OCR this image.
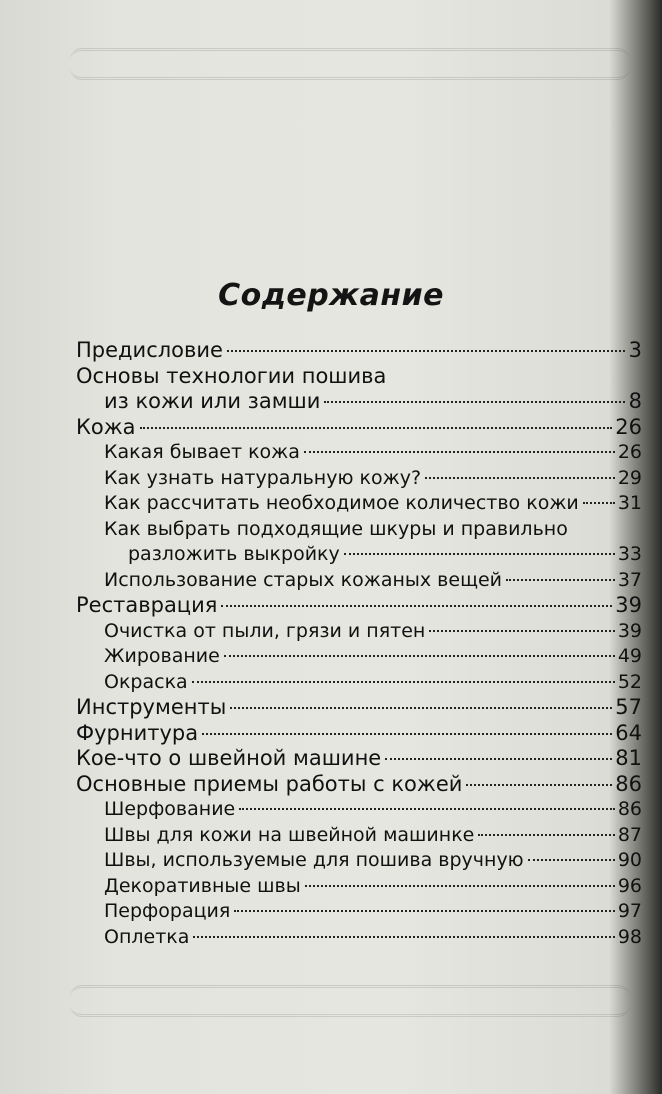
Содержание
Предисловие	3
Основы технологии пошива
из кожи или замши	8
Кожа	26
Какая бывает кожа	26
Как узнать натуральную кожу?	29
Как рассчитать необходимое количество кожи 31
Как выбрать подходящие шкуры и правильно
разложить выкройку	33
Использование старых кожаных вещей	37
Реставрация	39
Очистка от пыли, грязи и пятен	39
Жирование	49
Окраска	52
Инструменты	57
Фурнитура	64
Кое-что о швейной машине	81
Основные приемы работы с кожей	86
Шерфование	86
Швы для кожи на швейной машинке	87
Швы, используемые для пошива вручную	90
Декоративные швы	96
Перфорация	97
Оплетка	98
